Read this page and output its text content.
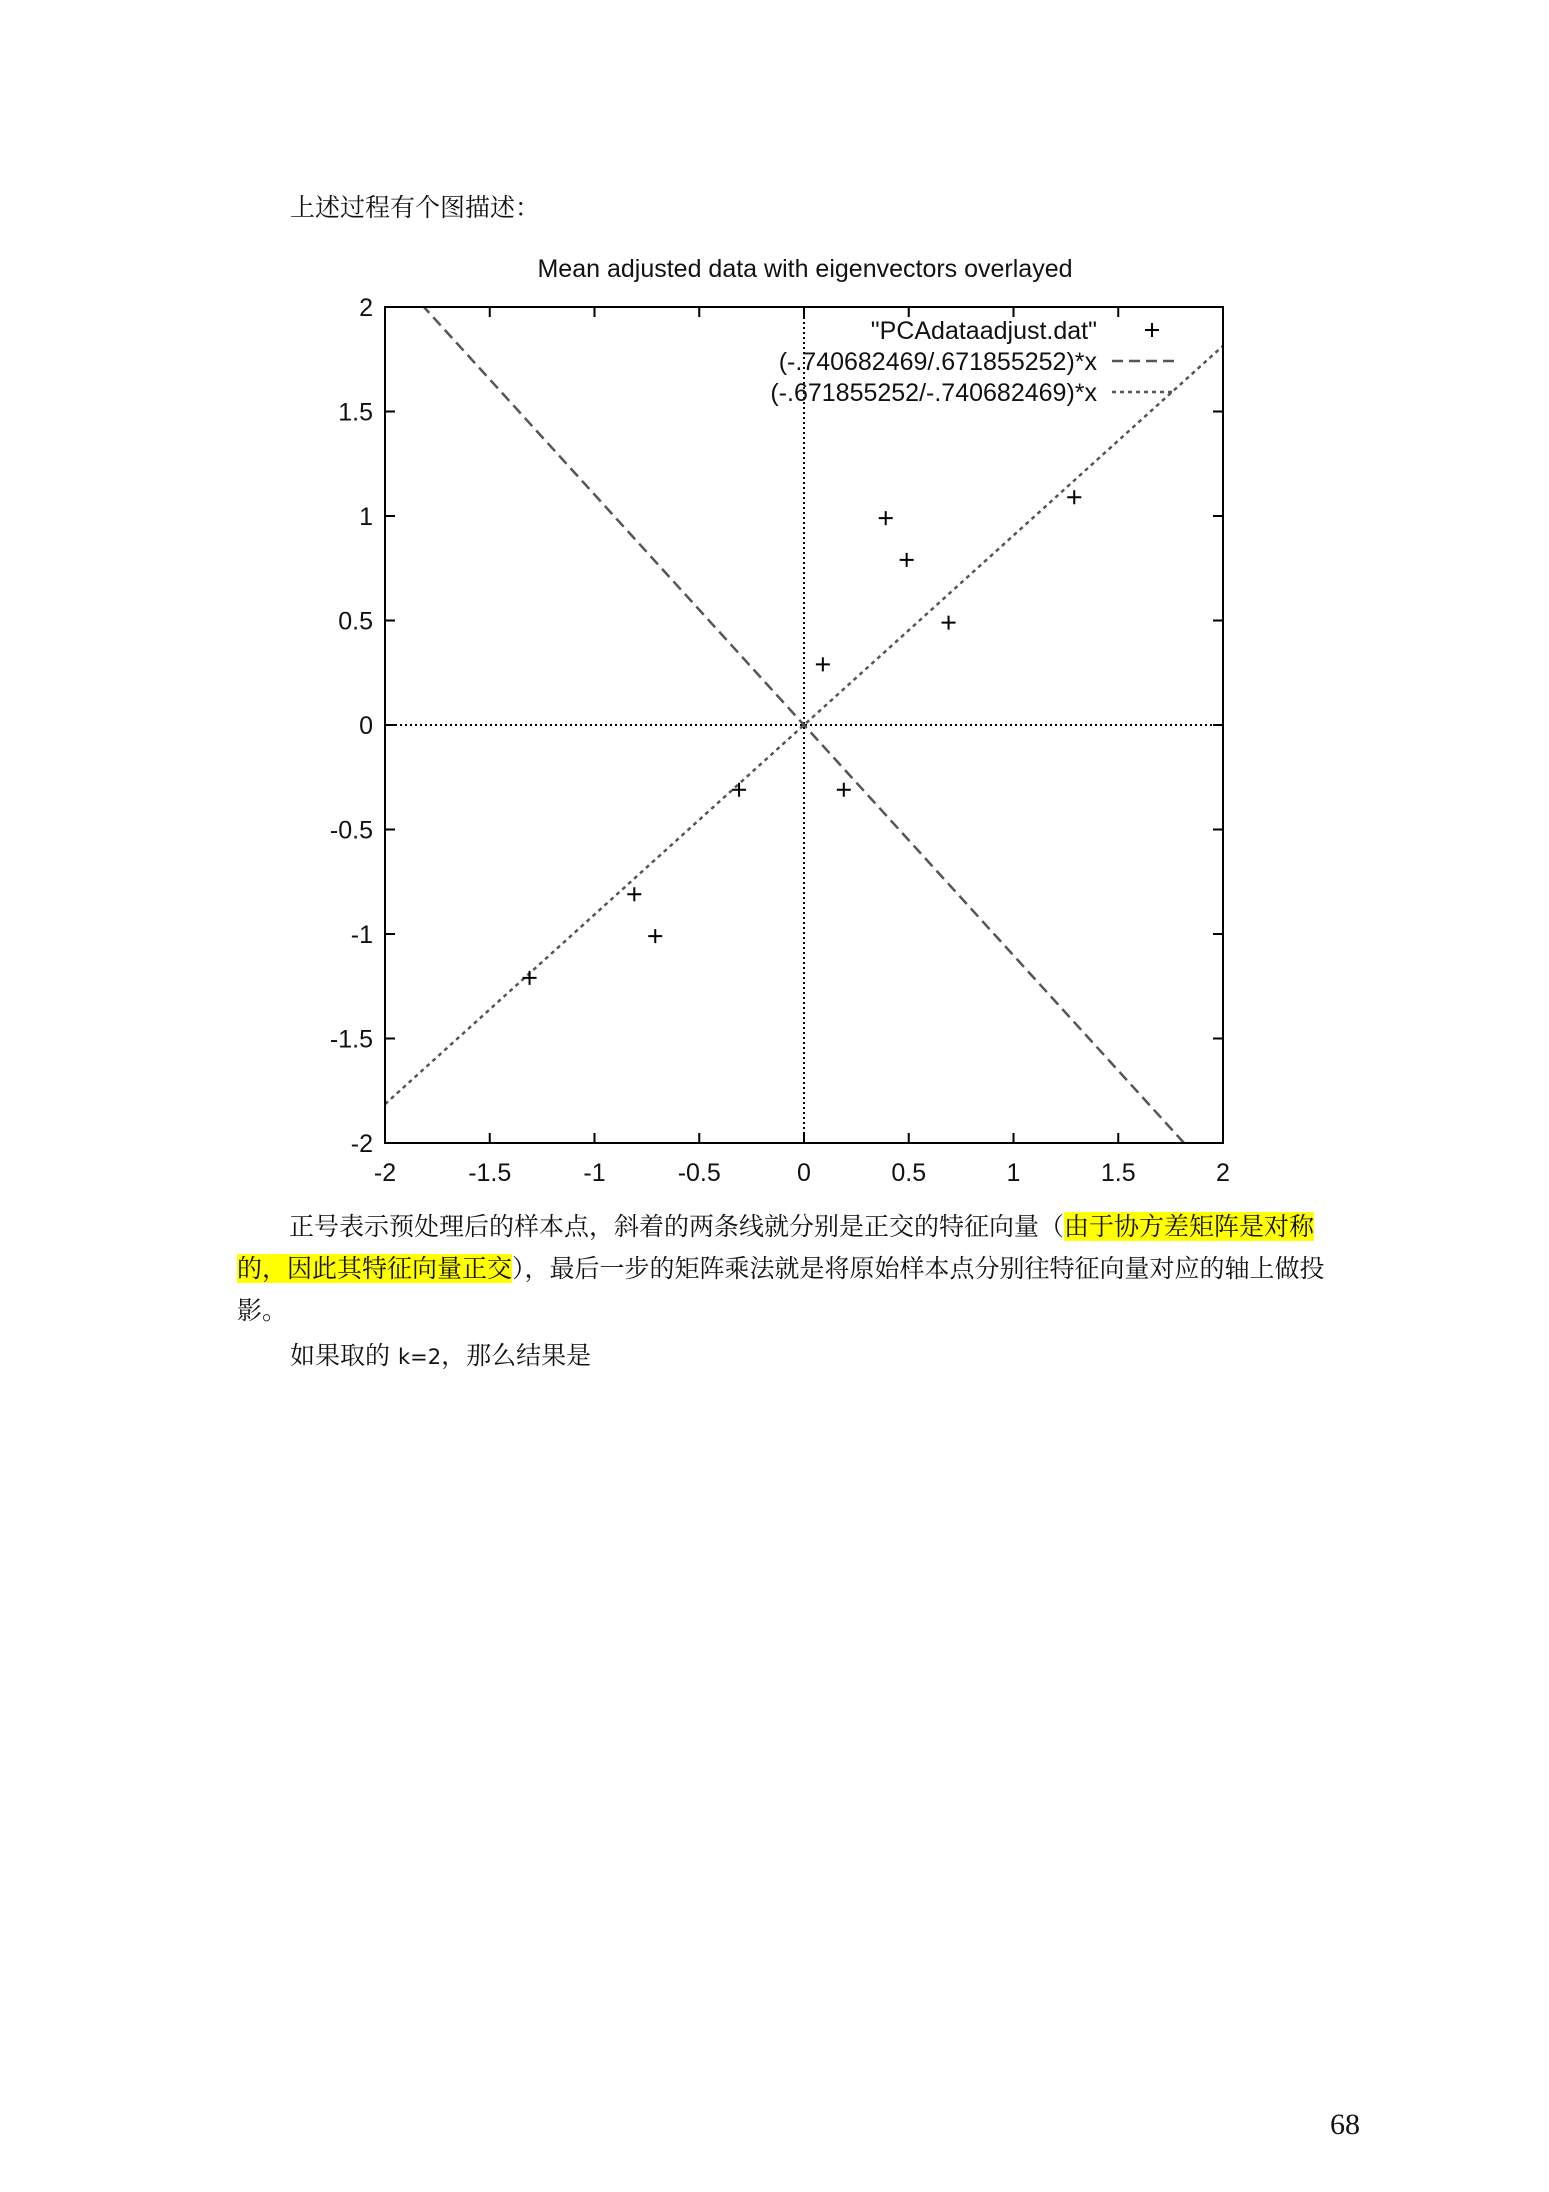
上述过程有个图描述：

Mean adjusted data with eigenvectors overlayed
-2	-1.5	-1	-0.5	0	0.5	1	1.5	2
2
1.5
1
0.5
0
-0.5
-1
-1.5
-2
"PCAdataadjust.dat"
(-.740682469/.671855252)*x
(-.671855252/-.740682469)*x

正号表示预处理后的样本点，斜着的两条线就分别是正交的特征向量（由于协方差矩阵是对称的，因此其特征向量正交），最后一步的矩阵乘法就是将原始样本点分别往特征向量对应的轴上做投影。

如果取的 k=2，那么结果是

68
